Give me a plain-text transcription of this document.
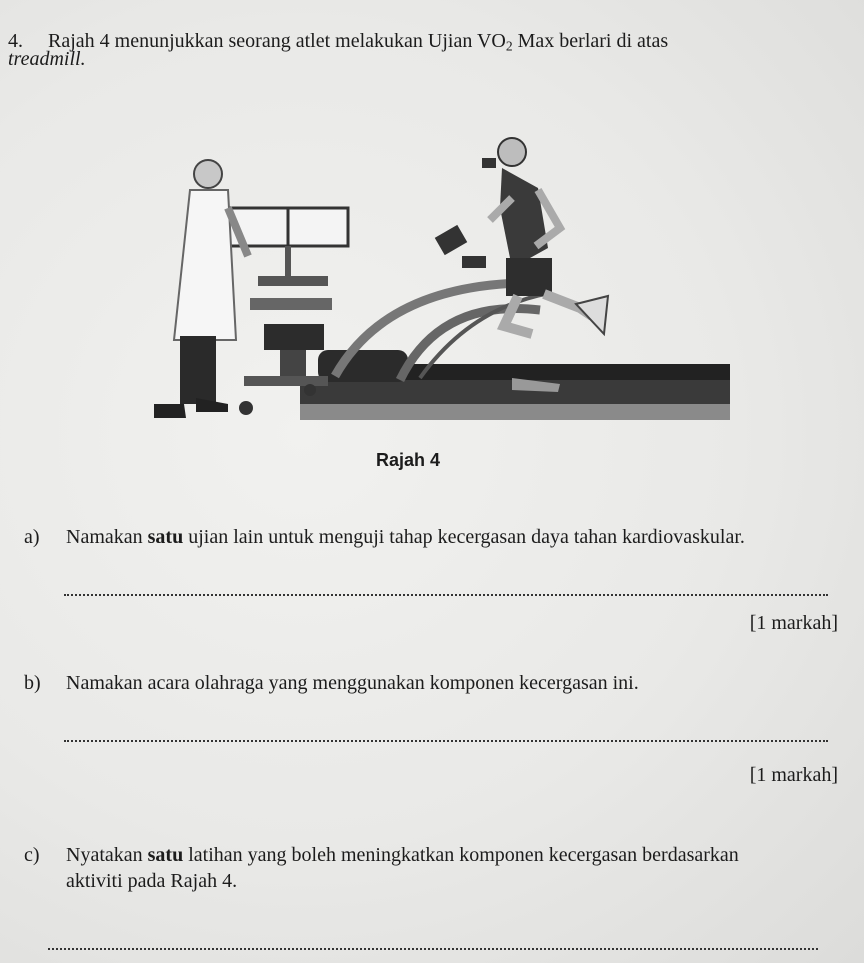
4. Rajah 4 menunjukkan seorang atlet melakukan Ujian $VO_2$ Max berlari di atas
treadmill.
Rajah 4
a) Namakan satu ujian lain untuk menguji tahap kecergasan daya tahan kardiovaskular.
[1 markah]
b) Namakan acara olahraga yang menggunakan komponen kecergasan ini.
[1 markah]
c) Nyatakan satu latihan yang boleh meningkatkan komponen kecergasan berdasarkan
aktiviti pada Rajah 4.
